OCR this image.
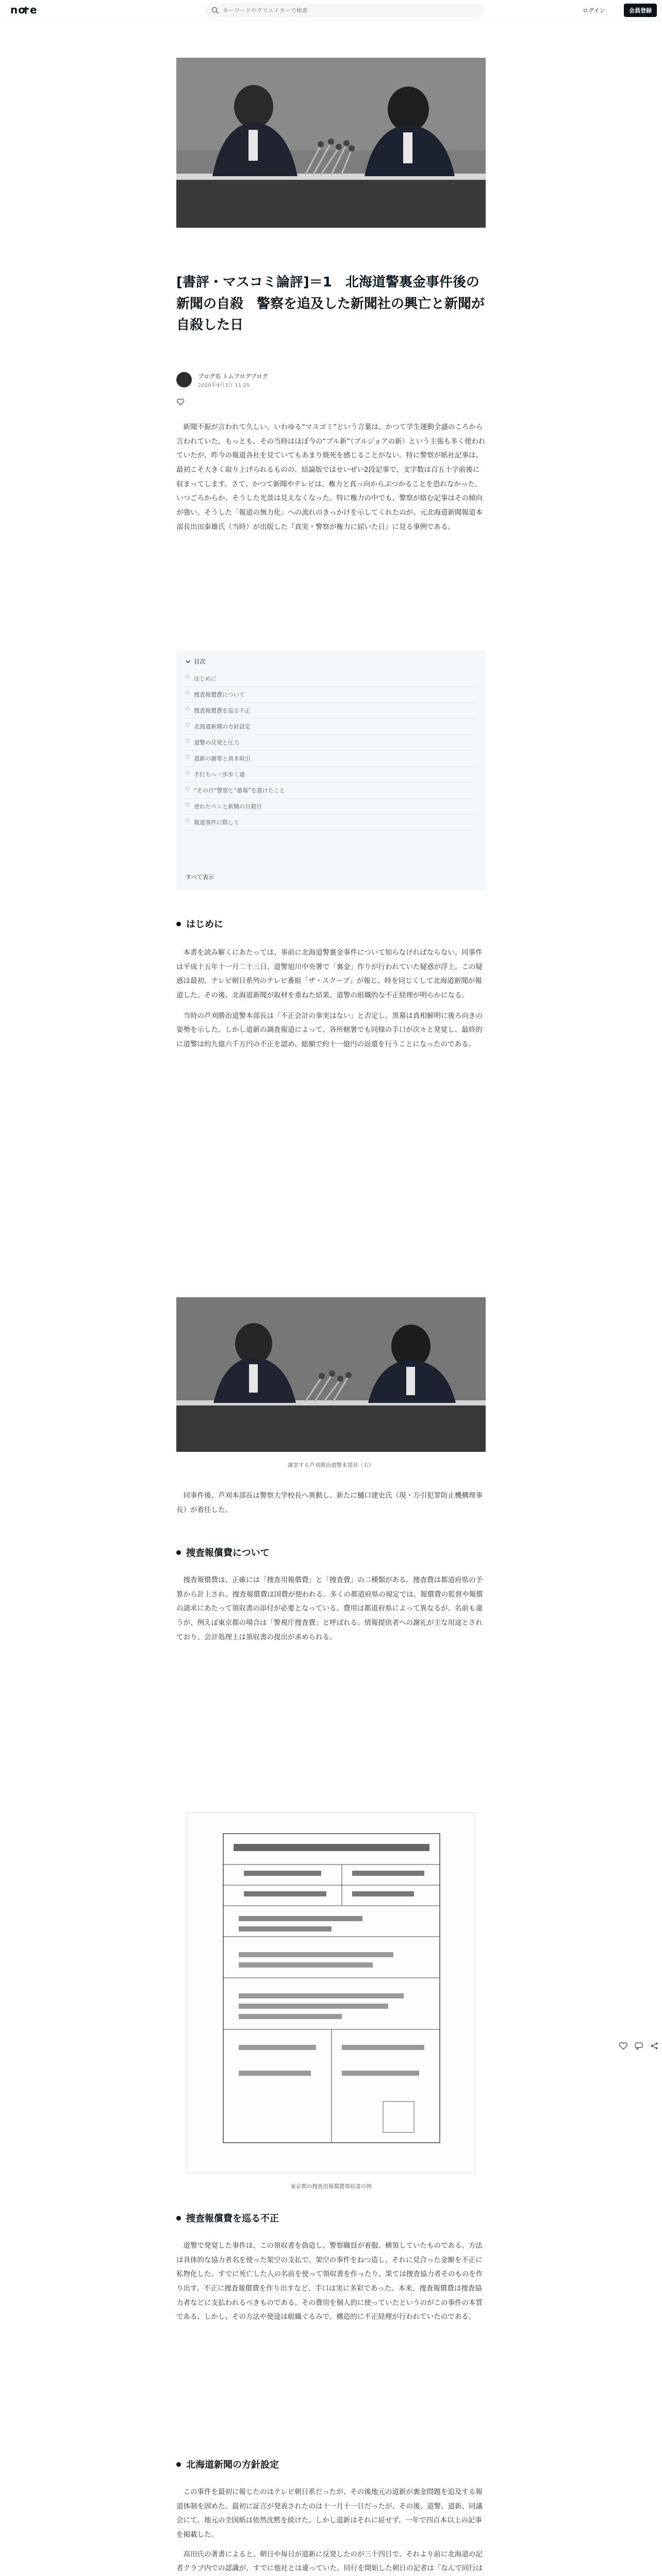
no e
キーワードやクリエイターで検索	ログイン	会員登録
[書評・マスコミ論評]＝1　北海道警裏金事件後の新聞の自殺　警察を追及した新聞社の興亡と新聞が自殺した日
ブログ名 トムブログブログ
2020年9月3日 11:25

　新聞不振が言われて久しい。いわゆる“マスゴミ”という言葉は、かつて学生運動全盛のころから言われていた。もっとも、その当時はほぼ今の“ブル新”（ブルジョアの新）という主張も多く使われていたが、昨今の報道各社を見ていてもあまり焼死を感じることがない。特に警察が紙社記事は、最初こそ大きく取り上げられるものの、結論版ではせいぜい2段記事で、文字数は百五十字前後に収まってします。さて、かつて新聞やテレビは、権力と真っ向からぶつかることを恐れなかった。いつごろからか、そうした光景は見えなくなった。特に権力の中でも、警察が絡む記事はその傾向が強い。そうした「報道の無力化」への流れのきっかけを示してくれたのが、元北海道新聞報道本部長出田泰雄氏（当時）が出版した『真実・警察が権力に屈いた日』に見る事例である。

目次
○ はじめに
○ 捜査報償費について
○ 捜査報償費を巡る不正
○ 北海道新聞の方針設定
○ 道警の反発と圧力
○ 道新の謝罪と真木取引
○ 手打ちへ一歩歩く道
○ “その日”警察と“墓場”を貫けたこと
○ 逆れたペンと新聞の自殺日
○ 報道事件に際して
すべて表示
はじめに

　本書を読み解くにあたっては、事前に北海道警裏金事件について知らなければならない。同事件は平成十五年十一月二十三日、道警旭川中央署で「裏金」作りが行われていた疑惑が浮上。この疑惑は最初、テレビ朝日系列のテレビ番組「ザ・スクープ」が報じ、時を同じくして北海道新聞が報道した。その後、北海道新聞が取材を重ねた結果、道警の組織的な不正経理が明らかになる。

　当時の芦刈勝治道警本部長は「不正会計の事実はない」と否定し、黒幕は真相解明に後ろ向きの姿勢を示した。しかし道新の調査報道によって、各所轄署でも同様の手口が次々と発覚し、最終的に道警は約九億六千万円の不正を認め、総額で約十一億円の返還を行うことになったのである。

謝罪する芦刈勝治道警本部長（右）

　同事件後、芦刈本部長は警察大学校長へ異動し、新たに樋口建史氏（現・万引犯罪防止機構理事長）が着任した。

捜査報償費について

　捜査報償費は、正確には「捜査用報償費」と「捜査費」の二種類がある。捜査費は都道府県の予算から計上され、捜査報償費は国費が使われる。多くの都道府県の規定では、報償費の監督や報償の請求にあたって領収書の添付が必要となっている。費用は都道府県によって異なるが、名前も違うが、例えば東京都の場合は「警視庁捜査費」と呼ばれる。情報提供者への謝礼が主な用途とされており、会計処理上は領収書の提出が求められる。

東京都の捜査用報償費領収書の例
捜査報償費を巡る不正

　道警で発覚した事件は、この領収書を偽造し、警察職員が着服、横領していたものである。方法は具体的な協力者名を使った架空の支払で、架空の事件をねつ造し、それに見合った金額を不正に私物化した。すでに死亡した人の名前を使って領収書を作ったり、果ては捜査協力者そのものを作り出す、不正に捜査報償費を作り出すなど、手口は実に多彩であった。本来、捜査報償費は捜査協力者などに支払われるべきものである。その費用を個人的に使っていたというのがこの事件の本質である。しかし、その方法や使途は組織ぐるみで、構造的に不正経理が行われていたのである。

北海道新聞の方針設定

　この事件を最初に報じたのはテレビ朝日系だったが、その後地元の道新が裏金問題を追及する報道体制を固めた。最初に証言が発表されたのは十一月十一日だったが、その後、道警、道新、同議会にて、地元の全国紙は依然沈黙を続けた。しかし道新はそれに屈せず、一年で四百本以上の記事を掲載した。

　高田氏の著書によると、朝日や毎日が道新に反発したのが三十四日で、それより前に北海道の記者クラブ内での認識が、すでに他社とは違っていた。同行を開始した朝日の記者は「なんで同行は
